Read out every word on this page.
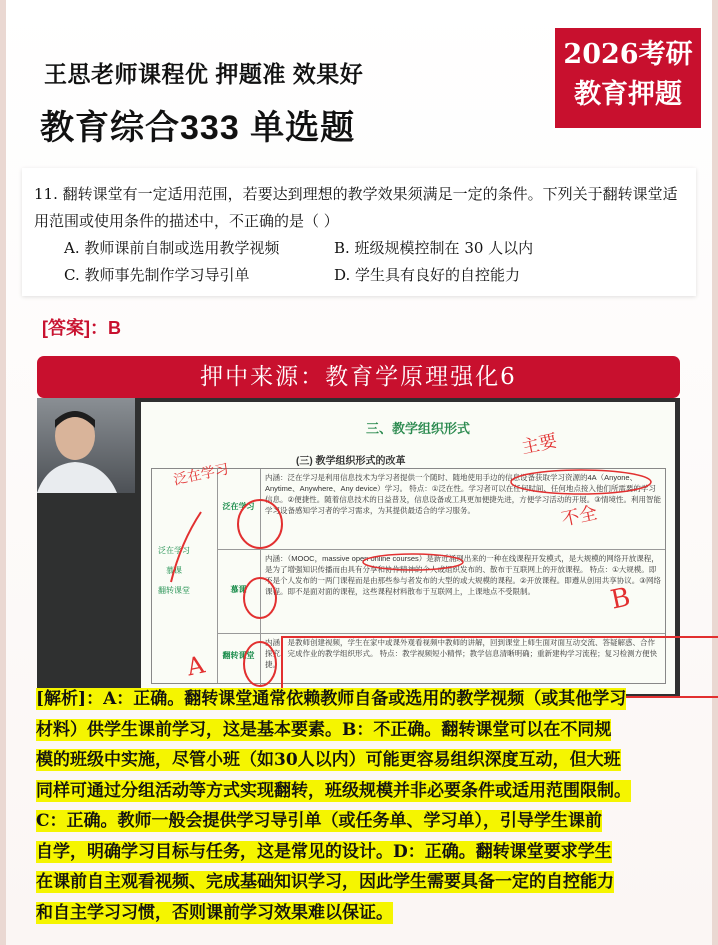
王思老师课程优 押题准 效果好
教育综合333 单选题
2026考研
教育押题
11. 翻转课堂有一定适用范围，若要达到理想的教学效果须满足一定的条件。下列关于翻转课堂适用范围或使用条件的描述中，不正确的是（ ）
A. 教师课前自制或选用教学视频	B. 班级规模控制在 30 人以内
C. 教师事先制作学习导引单	D. 学生具有良好的自控能力
[答案]：B
押中来源：教育学原理强化6
三、教学组织形式
(三) 教学组织形式的改革
泛在学习
慕课
翻转课堂
泛在学习
内涵：泛在学习是利用信息技术为学习者提供一个随时、随地使用手边的信息设备获取学习资源的4A（Anyone、Anytime、Anywhere、Any device）学习。 特点：①泛在性。学习者可以在任何时间、任何地点接入他们所需要的学习信息。②便捷性。随着信息技术的日益普及，信息设备或工具更加便捷先进，方便学习活动的开展。③情境性。利用智能学习设备感知学习者的学习需求，为其提供最适合的学习服务。
慕课
内涵：（MOOC，massive open online courses）是新近涌现出来的一种在线课程开发模式，是大规模的网络开放课程，是为了增强知识传播而由具有分享和协作精神的个人或组织发布的、散布于互联网上的开放课程。 特点：①大规模。即不是个人发布的一两门课程而是由那些参与者发布的大型的或大规模的课程。②开放课程。即遵从创用共享协议。③网络课程。即不是面对面的课程，这些课程材料散布于互联网上，上课地点不受限制。
翻转课堂
内涵：是教师创建视频，学生在家中或课外观看视频中教师的讲解，回到课堂上师生面对面互动交流、答疑解惑、合作探究、完成作业的教学组织形式。 特点：教学视频短小精悍；教学信息清晰明确；重新建构学习流程；复习检测方便快捷。
泛在学习
主要
不全
B
A
[解析]：A：正确。翻转课堂通常依赖教师自备或选用的教学视频（或其他学习
材料）供学生课前学习，这是基本要素。B：不正确。翻转课堂可以在不同规
模的班级中实施，尽管小班（如30人以内）可能更容易组织深度互动，但大班
同样可通过分组活动等方式实现翻转，班级规模并非必要条件或适用范围限制。
C：正确。教师一般会提供学习导引单（或任务单、学习单），引导学生课前
自学，明确学习目标与任务，这是常见的设计。D：正确。翻转课堂要求学生
在课前自主观看视频、完成基础知识学习，因此学生需要具备一定的自控能力
和自主学习习惯，否则课前学习效果难以保证。
